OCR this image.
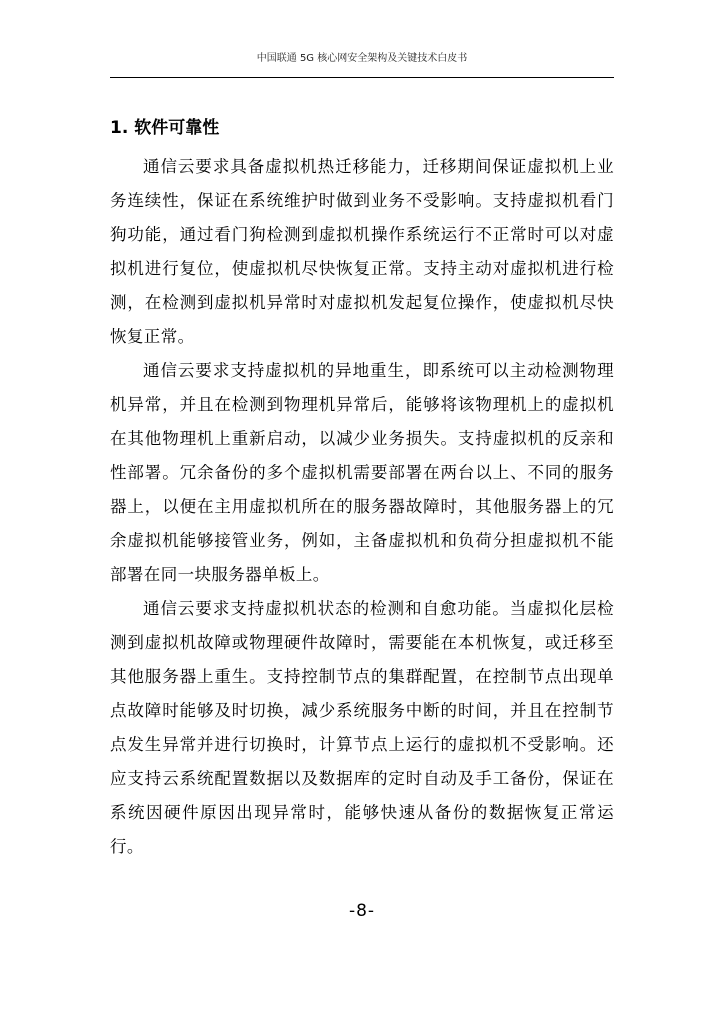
中国联通 5G 核心网安全架构及关键技术白皮书
1. 软件可靠性

通信云要求具备虚拟机热迁移能力，迁移期间保证虚拟机上业务连续性，保证在系统维护时做到业务不受影响。支持虚拟机看门狗功能，通过看门狗检测到虚拟机操作系统运行不正常时可以对虚拟机进行复位，使虚拟机尽快恢复正常。支持主动对虚拟机进行检测，在检测到虚拟机异常时对虚拟机发起复位操作，使虚拟机尽快恢复正常。

通信云要求支持虚拟机的异地重生，即系统可以主动检测物理机异常，并且在检测到物理机异常后，能够将该物理机上的虚拟机在其他物理机上重新启动，以减少业务损失。支持虚拟机的反亲和性部署。冗余备份的多个虚拟机需要部署在两台以上、不同的服务器上，以便在主用虚拟机所在的服务器故障时，其他服务器上的冗余虚拟机能够接管业务，例如，主备虚拟机和负荷分担虚拟机不能部署在同一块服务器单板上。

通信云要求支持虚拟机状态的检测和自愈功能。当虚拟化层检测到虚拟机故障或物理硬件故障时，需要能在本机恢复，或迁移至其他服务器上重生。支持控制节点的集群配置，在控制节点出现单点故障时能够及时切换，减少系统服务中断的时间，并且在控制节点发生异常并进行切换时，计算节点上运行的虚拟机不受影响。还应支持云系统配置数据以及数据库的定时自动及手工备份，保证在系统因硬件原因出现异常时，能够快速从备份的数据恢复正常运行。

-8-
